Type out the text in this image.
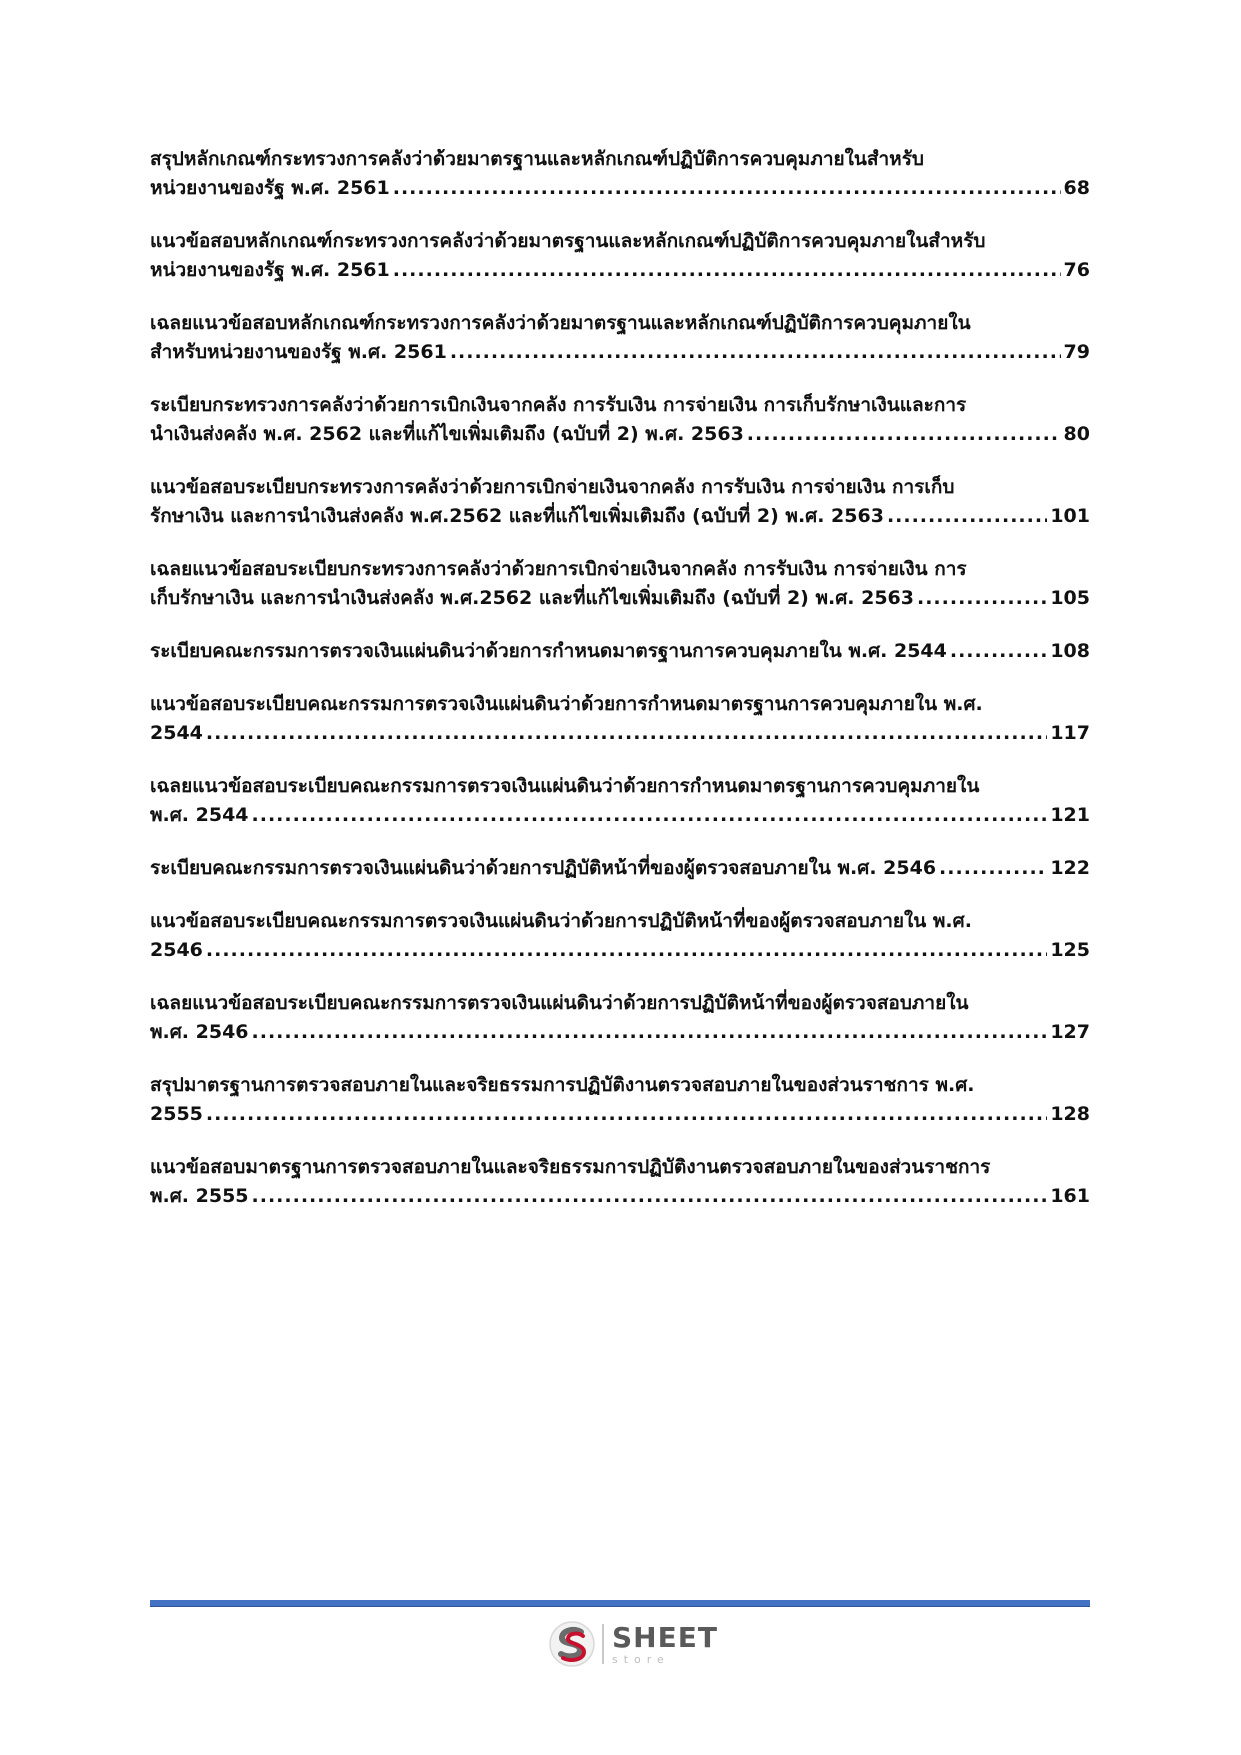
สรุปหลักเกณฑ์กระทรวงการคลังว่าด้วยมาตรฐานและหลักเกณฑ์ปฏิบัติการควบคุมภายในสำหรับ
หน่วยงานของรัฐ พ.ศ. 2561 .....	68
แนวข้อสอบหลักเกณฑ์กระทรวงการคลังว่าด้วยมาตรฐานและหลักเกณฑ์ปฏิบัติการควบคุมภายในสำหรับ
หน่วยงานของรัฐ พ.ศ. 2561 .....	76
เฉลยแนวข้อสอบหลักเกณฑ์กระทรวงการคลังว่าด้วยมาตรฐานและหลักเกณฑ์ปฏิบัติการควบคุมภายใน
สำหรับหน่วยงานของรัฐ พ.ศ. 2561 .....	79
ระเบียบกระทรวงการคลังว่าด้วยการเบิกเงินจากคลัง การรับเงิน การจ่ายเงิน การเก็บรักษาเงินและการ
นำเงินส่งคลัง พ.ศ. 2562 และที่แก้ไขเพิ่มเติมถึง (ฉบับที่ 2) พ.ศ. 2563 .....	80
แนวข้อสอบระเบียบกระทรวงการคลังว่าด้วยการเบิกจ่ายเงินจากคลัง การรับเงิน การจ่ายเงิน การเก็บ
รักษาเงิน และการนำเงินส่งคลัง พ.ศ.2562 และที่แก้ไขเพิ่มเติมถึง (ฉบับที่ 2) พ.ศ. 2563 .....	101
เฉลยแนวข้อสอบระเบียบกระทรวงการคลังว่าด้วยการเบิกจ่ายเงินจากคลัง การรับเงิน การจ่ายเงิน การ
เก็บรักษาเงิน และการนำเงินส่งคลัง พ.ศ.2562 และที่แก้ไขเพิ่มเติมถึง (ฉบับที่ 2) พ.ศ. 2563 .....	105
ระเบียบคณะกรรมการตรวจเงินแผ่นดินว่าด้วยการกำหนดมาตรฐานการควบคุมภายใน พ.ศ. 2544 .....	108
แนวข้อสอบระเบียบคณะกรรมการตรวจเงินแผ่นดินว่าด้วยการกำหนดมาตรฐานการควบคุมภายใน พ.ศ.
2544 .....	117
เฉลยแนวข้อสอบระเบียบคณะกรรมการตรวจเงินแผ่นดินว่าด้วยการกำหนดมาตรฐานการควบคุมภายใน
พ.ศ. 2544 .....	121
ระเบียบคณะกรรมการตรวจเงินแผ่นดินว่าด้วยการปฏิบัติหน้าที่ของผู้ตรวจสอบภายใน พ.ศ. 2546 .....	122
แนวข้อสอบระเบียบคณะกรรมการตรวจเงินแผ่นดินว่าด้วยการปฏิบัติหน้าที่ของผู้ตรวจสอบภายใน พ.ศ.
2546 .....	125
เฉลยแนวข้อสอบระเบียบคณะกรรมการตรวจเงินแผ่นดินว่าด้วยการปฏิบัติหน้าที่ของผู้ตรวจสอบภายใน
พ.ศ. 2546 .....	127
สรุปมาตรฐานการตรวจสอบภายในและจริยธรรมการปฏิบัติงานตรวจสอบภายในของส่วนราชการ พ.ศ.
2555 .....	128
แนวข้อสอบมาตรฐานการตรวจสอบภายในและจริยธรรมการปฏิบัติงานตรวจสอบภายในของส่วนราชการ
พ.ศ. 2555 .....	161
SHEET
store
